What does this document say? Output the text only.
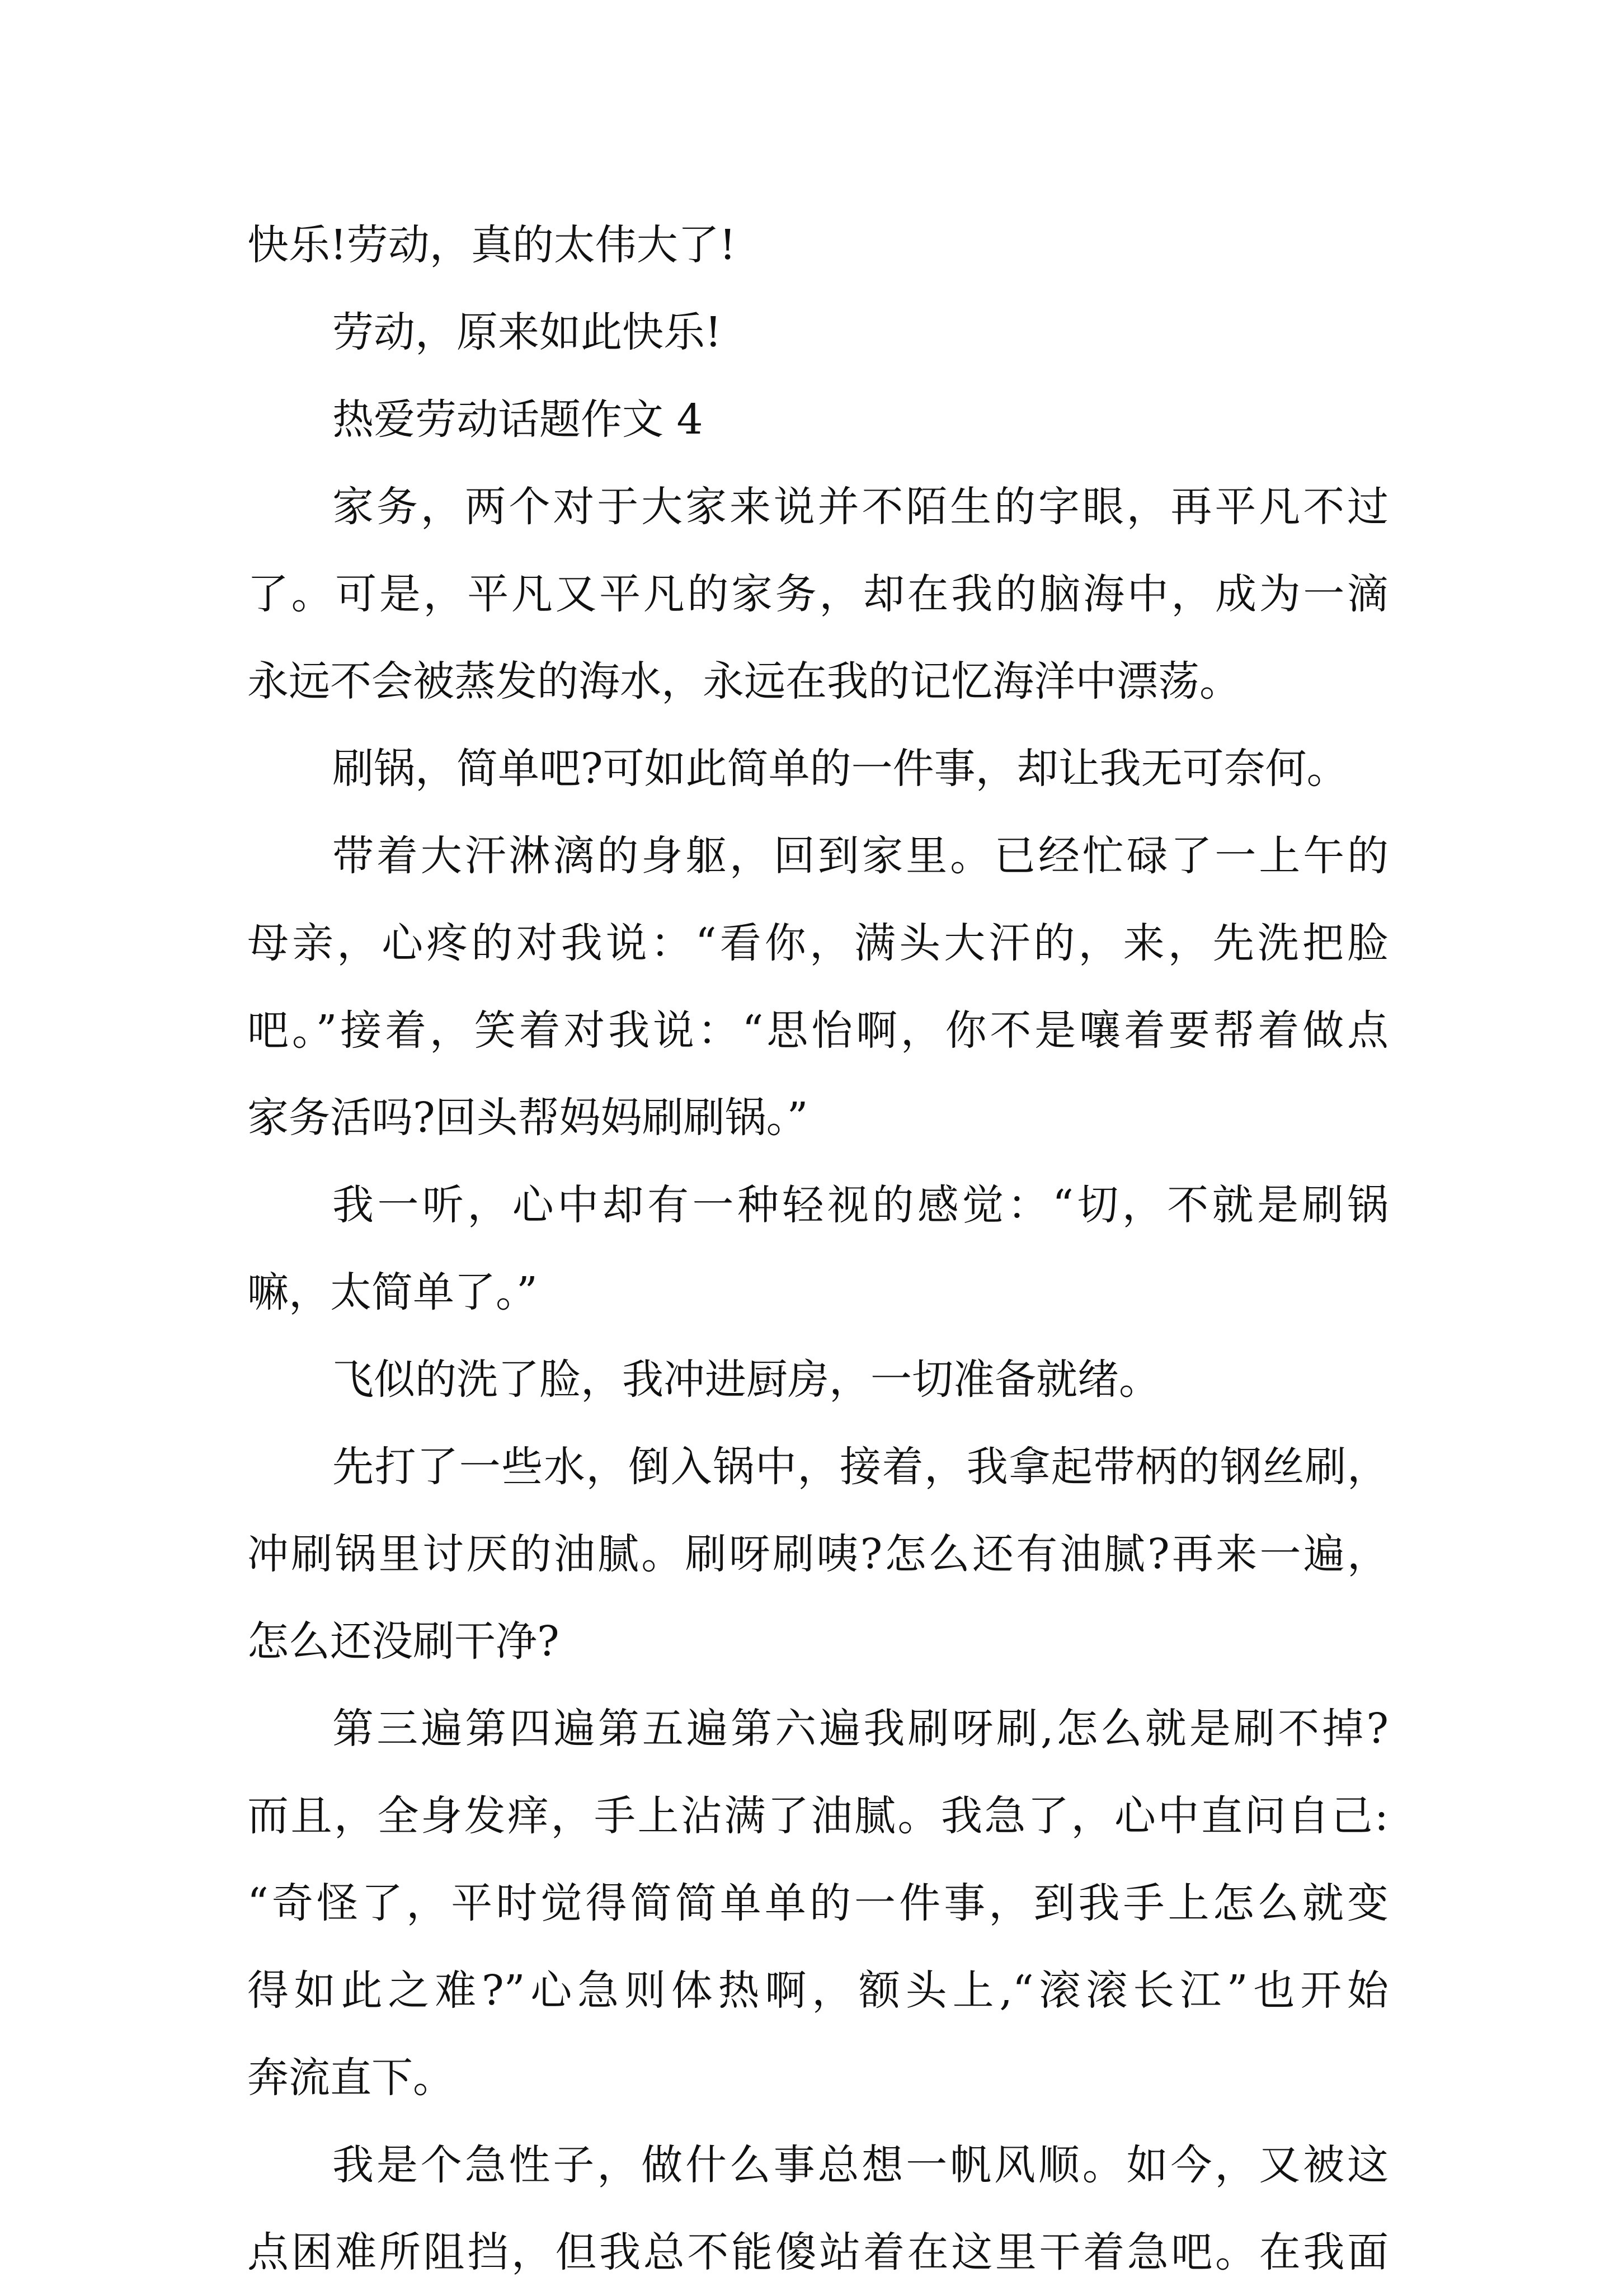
快乐!劳动，真的太伟大了!
劳动，原来如此快乐!
热爱劳动话题作文 4
家务，两个对于大家来说并不陌生的字眼，再平凡不过
了。可是，平凡又平凡的家务，却在我的脑海中，成为一滴
永远不会被蒸发的海水，永远在我的记忆海洋中漂荡。
刷锅，简单吧?可如此简单的一件事，却让我无可奈何。
带着大汗淋漓的身躯，回到家里。已经忙碌了一上午的
母亲，心疼的对我说：“看你，满头大汗的，来，先洗把脸
吧。”接着，笑着对我说：“思怡啊，你不是嚷着要帮着做点
家务活吗?回头帮妈妈刷刷锅。”
我一听，心中却有一种轻视的感觉：“切，不就是刷锅
嘛，太简单了。”
飞似的洗了脸，我冲进厨房，一切准备就绪。
先打了一些水，倒入锅中，接着，我拿起带柄的钢丝刷，
冲刷锅里讨厌的油腻。刷呀刷咦?怎么还有油腻?再来一遍，
怎么还没刷干净?
第三遍第四遍第五遍第六遍我刷呀刷,怎么就是刷不掉?
而且，全身发痒，手上沾满了油腻。我急了，心中直问自己:
“奇怪了，平时觉得简简单单的一件事，到我手上怎么就变
得如此之难?”心急则体热啊，额头上,“滚滚长江”也开始
奔流直下。
我是个急性子，做什么事总想一帆风顺。如今，又被这
点困难所阻挡，但我总不能傻站着在这里干着急吧。在我面
